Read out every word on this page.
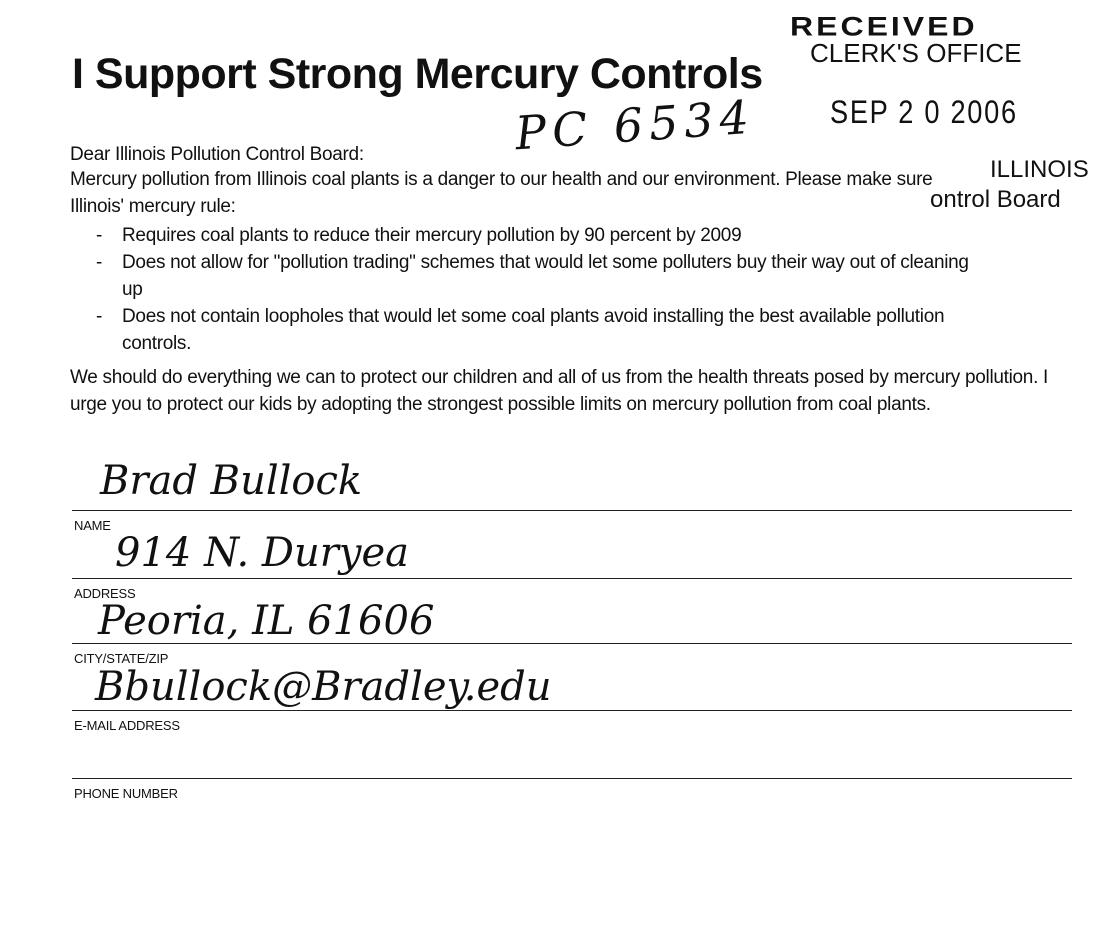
RECEIVED
CLERK'S OFFICE
SEP 2 0 2006
ILLINOIS
ontrol Board
PC 6534
I Support Strong Mercury Controls
Dear Illinois Pollution Control Board:
Mercury pollution from Illinois coal plants is a danger to our health and our environment. Please make sure Illinois' mercury rule:
- Requires coal plants to reduce their mercury pollution by 90 percent by 2009
- Does not allow for "pollution trading" schemes that would let some polluters buy their way out of cleaning up
- Does not contain loopholes that would let some coal plants avoid installing the best available pollution controls.
We should do everything we can to protect our children and all of us from the health threats posed by mercury pollution. I urge you to protect our kids by adopting the strongest possible limits on mercury pollution from coal plants.
Brad Bullock
NAME
914 N. Duryea
ADDRESS
Peoria, IL 61606
CITY/STATE/ZIP
Bbullock@Bradley.edu
E-MAIL ADDRESS
PHONE NUMBER
